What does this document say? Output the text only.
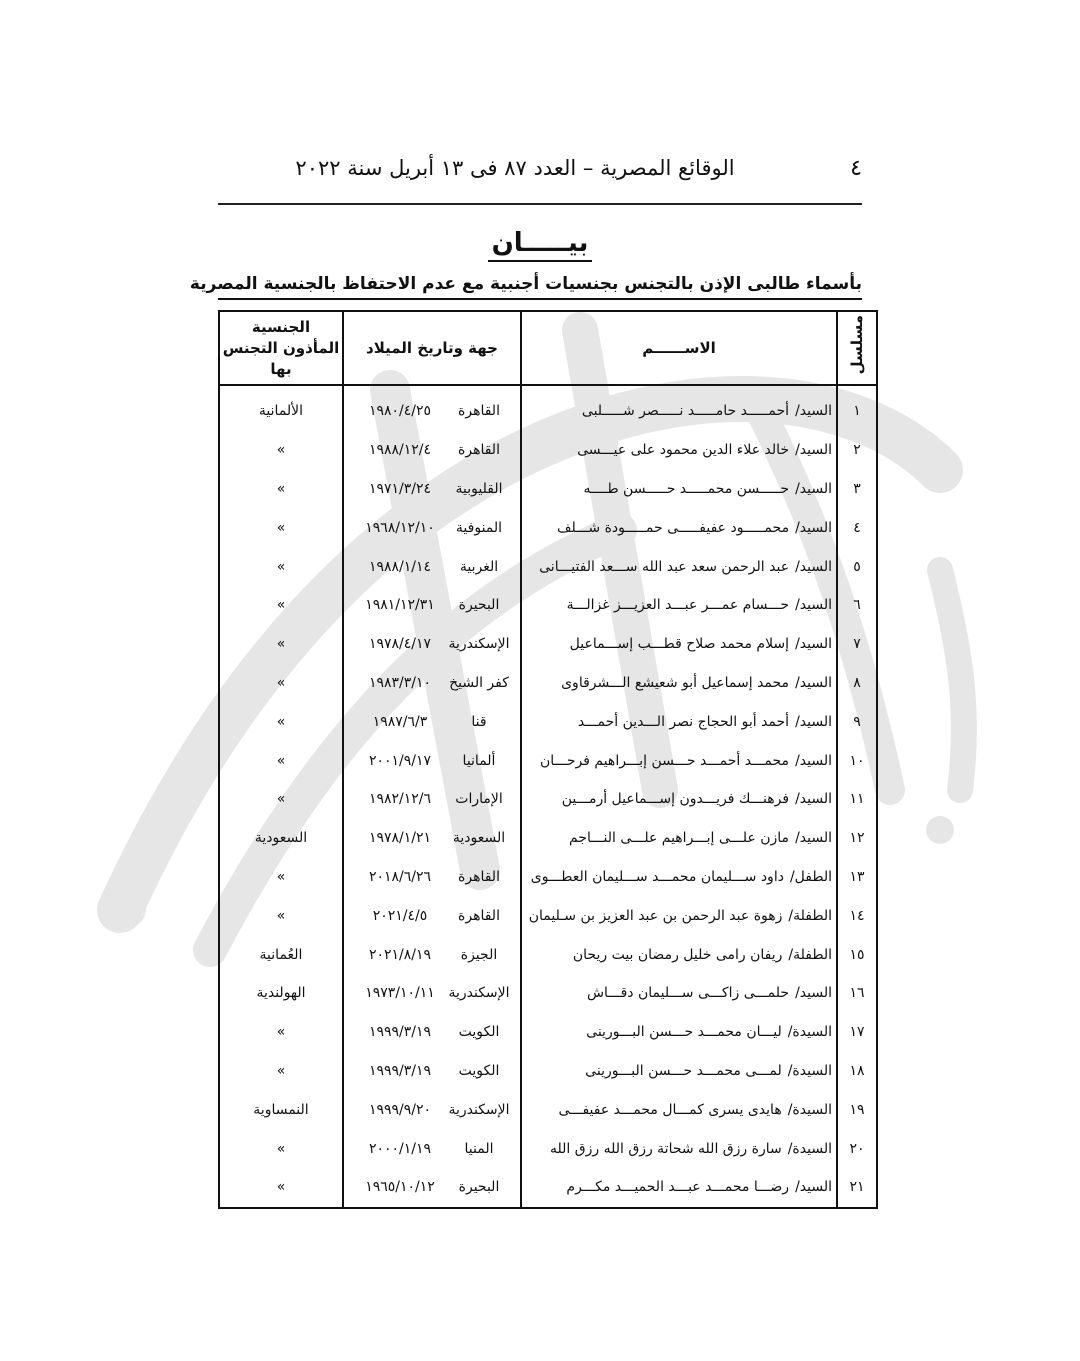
٤
الوقائع المصرية – العدد ٨٧ فى ١٣ أبريل سنة ٢٠٢٢
بيـــــان
بأسماء طالبى الإذن بالتجنس بجنسيات أجنبية مع عدم الاحتفاظ بالجنسية المصرية
مسلسل	الاســــــم	جهة وتاريخ الميلاد	الجنسية المأذون التجنس بها
١	السيد/أحمـــــد حامـــــد نـــــصر شـــــلبى	القاهرة١٩٨٠/٤/٢٥	الألمانية
٢	السيد/خالد علاء الدين محمود على عيـــسى	القاهرة١٩٨٨/١٢/٤	»
٣	السيد/حـــــسن محمـــــد حـــــسن طــــه	القليوبية١٩٧١/٣/٢٤	»
٤	السيد/محمـــــود عفيفـــــى حمـــــودة شـــلف	المنوفية١٩٦٨/١٢/١٠	»
٥	السيد/عبد الرحمن سعد عبد الله ســـعد الفتيـــانى	الغربية١٩٨٨/١/١٤	»
٦	السيد/حـــسام عمـــر عبـــد العزيـــز غزالـــة	البحيرة١٩٨١/١٢/٣١	»
٧	السيد/إسلام محمد صلاح قطـــب إســـماعيل	الإسكندرية١٩٧٨/٤/١٧	»
٨	السيد/محمد إسماعيل أبو شعيشع الـــشرقاوى	كفر الشيخ١٩٨٣/٣/١٠	»
٩	السيد/أحمد أبو الحجاج نصر الـــدين أحمـــد	قنا١٩٨٧/٦/٣	»
١٠	السيد/محمـــد أحمـــد حـــسن إبـــراهيم فرحـــان	ألمانيا٢٠٠١/٩/١٧	»
١١	السيد/فرهنـــك فريـــدون إســـماعيل أرمـــين	الإمارات١٩٨٢/١٢/٦	»
١٢	السيد/مازن علـــى إبـــراهيم علـــى النـــاجم	السعودية١٩٧٨/١/٢١	السعودية
١٣	الطفل/داود ســـليمان محمـــد ســـليمان العطـــوى	القاهرة٢٠١٨/٦/٢٦	»
١٤	الطفلة/زهوة عبد الرحمن بن عبد العزيز بن سـليمان	القاهرة٢٠٢١/٤/٥	»
١٥	الطفلة/ريفان رامى خليل رمضان بيت ريحان	الجيزة٢٠٢١/٨/١٩	العُمانية
١٦	السيد/حلمـــى زاكـــى ســـليمان دقـــاش	الإسكندرية١٩٧٣/١٠/١١	الهولندية
١٧	السيدة/ليـــان محمـــد حـــسن البـــورينى	الكويت١٩٩٩/٣/١٩	»
١٨	السيدة/لمـــى محمـــد حـــسن البـــورينى	الكويت١٩٩٩/٣/١٩	»
١٩	السيدة/هايدى يسرى كمـــال محمـــد عفيفـــى	الإسكندرية١٩٩٩/٩/٢٠	النمساوية
٢٠	السيدة/سارة رزق الله شحاتة رزق الله رزق الله	المنيا٢٠٠٠/١/١٩	»
٢١	السيد/رضـــا محمـــد عبـــد الحميـــد مكـــرم	البحيرة١٩٦٥/١٠/١٢	»
